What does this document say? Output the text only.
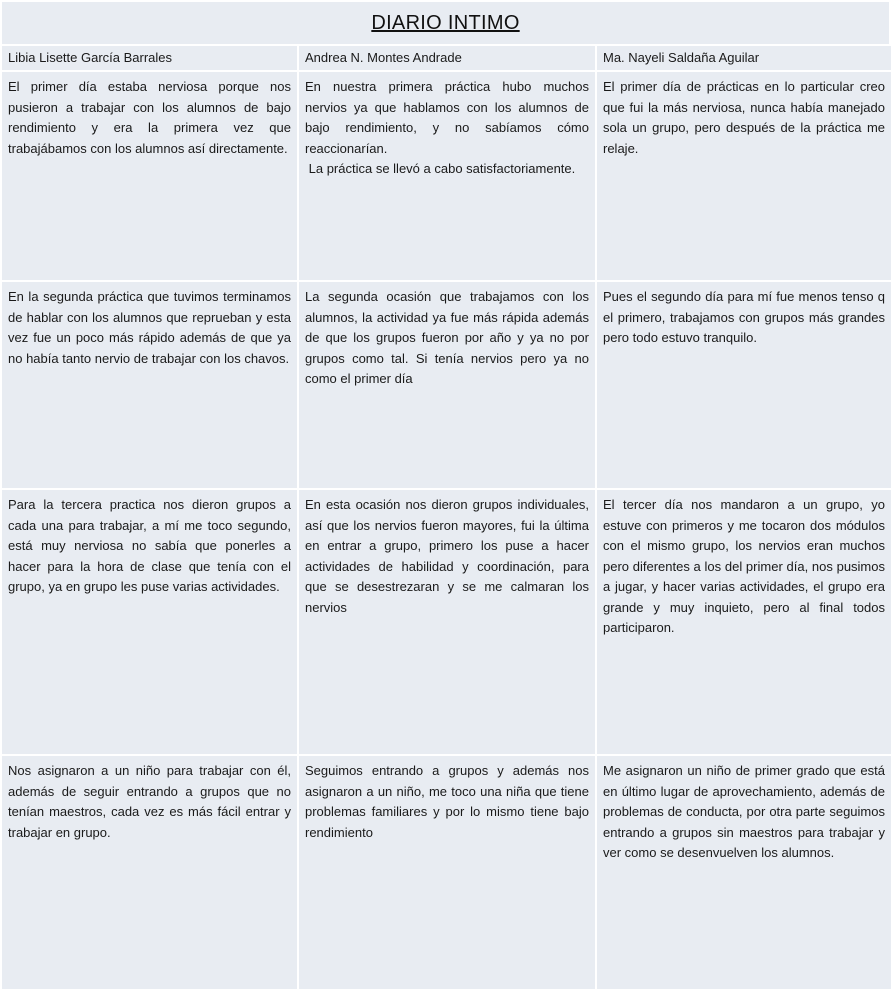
DIARIO INTIMO
Libia Lisette García Barrales	Andrea N. Montes Andrade	Ma. Nayeli Saldaña Aguilar

El primer día estaba nerviosa porque nos pusieron a trabajar con los alumnos de bajo rendimiento y era la primera vez que trabajábamos con los alumnos así directamente.

En nuestra primera práctica hubo muchos nervios ya que hablamos con los alumnos de bajo rendimiento, y no sabíamos cómo reaccionarían.
La práctica se llevó a cabo satisfactoriamente.

El primer día de prácticas en lo particular creo que fui la más nerviosa, nunca había manejado sola un grupo, pero después de la práctica me relaje.

En la segunda práctica que tuvimos terminamos de hablar con los alumnos que reprueban y esta vez fue un poco más rápido además de que ya no había tanto nervio de trabajar con los chavos.

La segunda ocasión que trabajamos con los alumnos, la actividad ya fue más rápida además de que los grupos fueron por año y ya no por grupos como tal. Si tenía nervios pero ya no como el primer día

Pues el segundo día para mí fue menos tenso q el primero, trabajamos con grupos más grandes pero todo estuvo tranquilo.

Para la tercera practica nos dieron grupos a cada una para trabajar, a mí me toco segundo, está muy nerviosa no sabía que ponerles a hacer para la hora de clase que tenía con el grupo, ya en grupo les puse varias actividades.

En esta ocasión nos dieron grupos individuales, así que los nervios fueron mayores, fui la última en entrar a grupo, primero los puse a hacer actividades de habilidad y coordinación, para que se desestrezaran y se me calmaran los nervios

El tercer día nos mandaron a un grupo, yo estuve con primeros y me tocaron dos módulos con el mismo grupo, los nervios eran muchos pero diferentes a los del primer día, nos pusimos a jugar, y hacer varias actividades, el grupo era grande y muy inquieto, pero al final todos participaron.

Nos asignaron a un niño para trabajar con él, además de seguir entrando a grupos que no tenían maestros, cada vez es más fácil entrar y trabajar en grupo.

Seguimos entrando a grupos y además nos asignaron a un niño, me toco una niña que tiene problemas familiares y por lo mismo tiene bajo rendimiento

Me asignaron un niño de primer grado que está en último lugar de aprovechamiento, además de problemas de conducta, por otra parte seguimos entrando a grupos sin maestros para trabajar y ver como se desenvuelven los alumnos.
